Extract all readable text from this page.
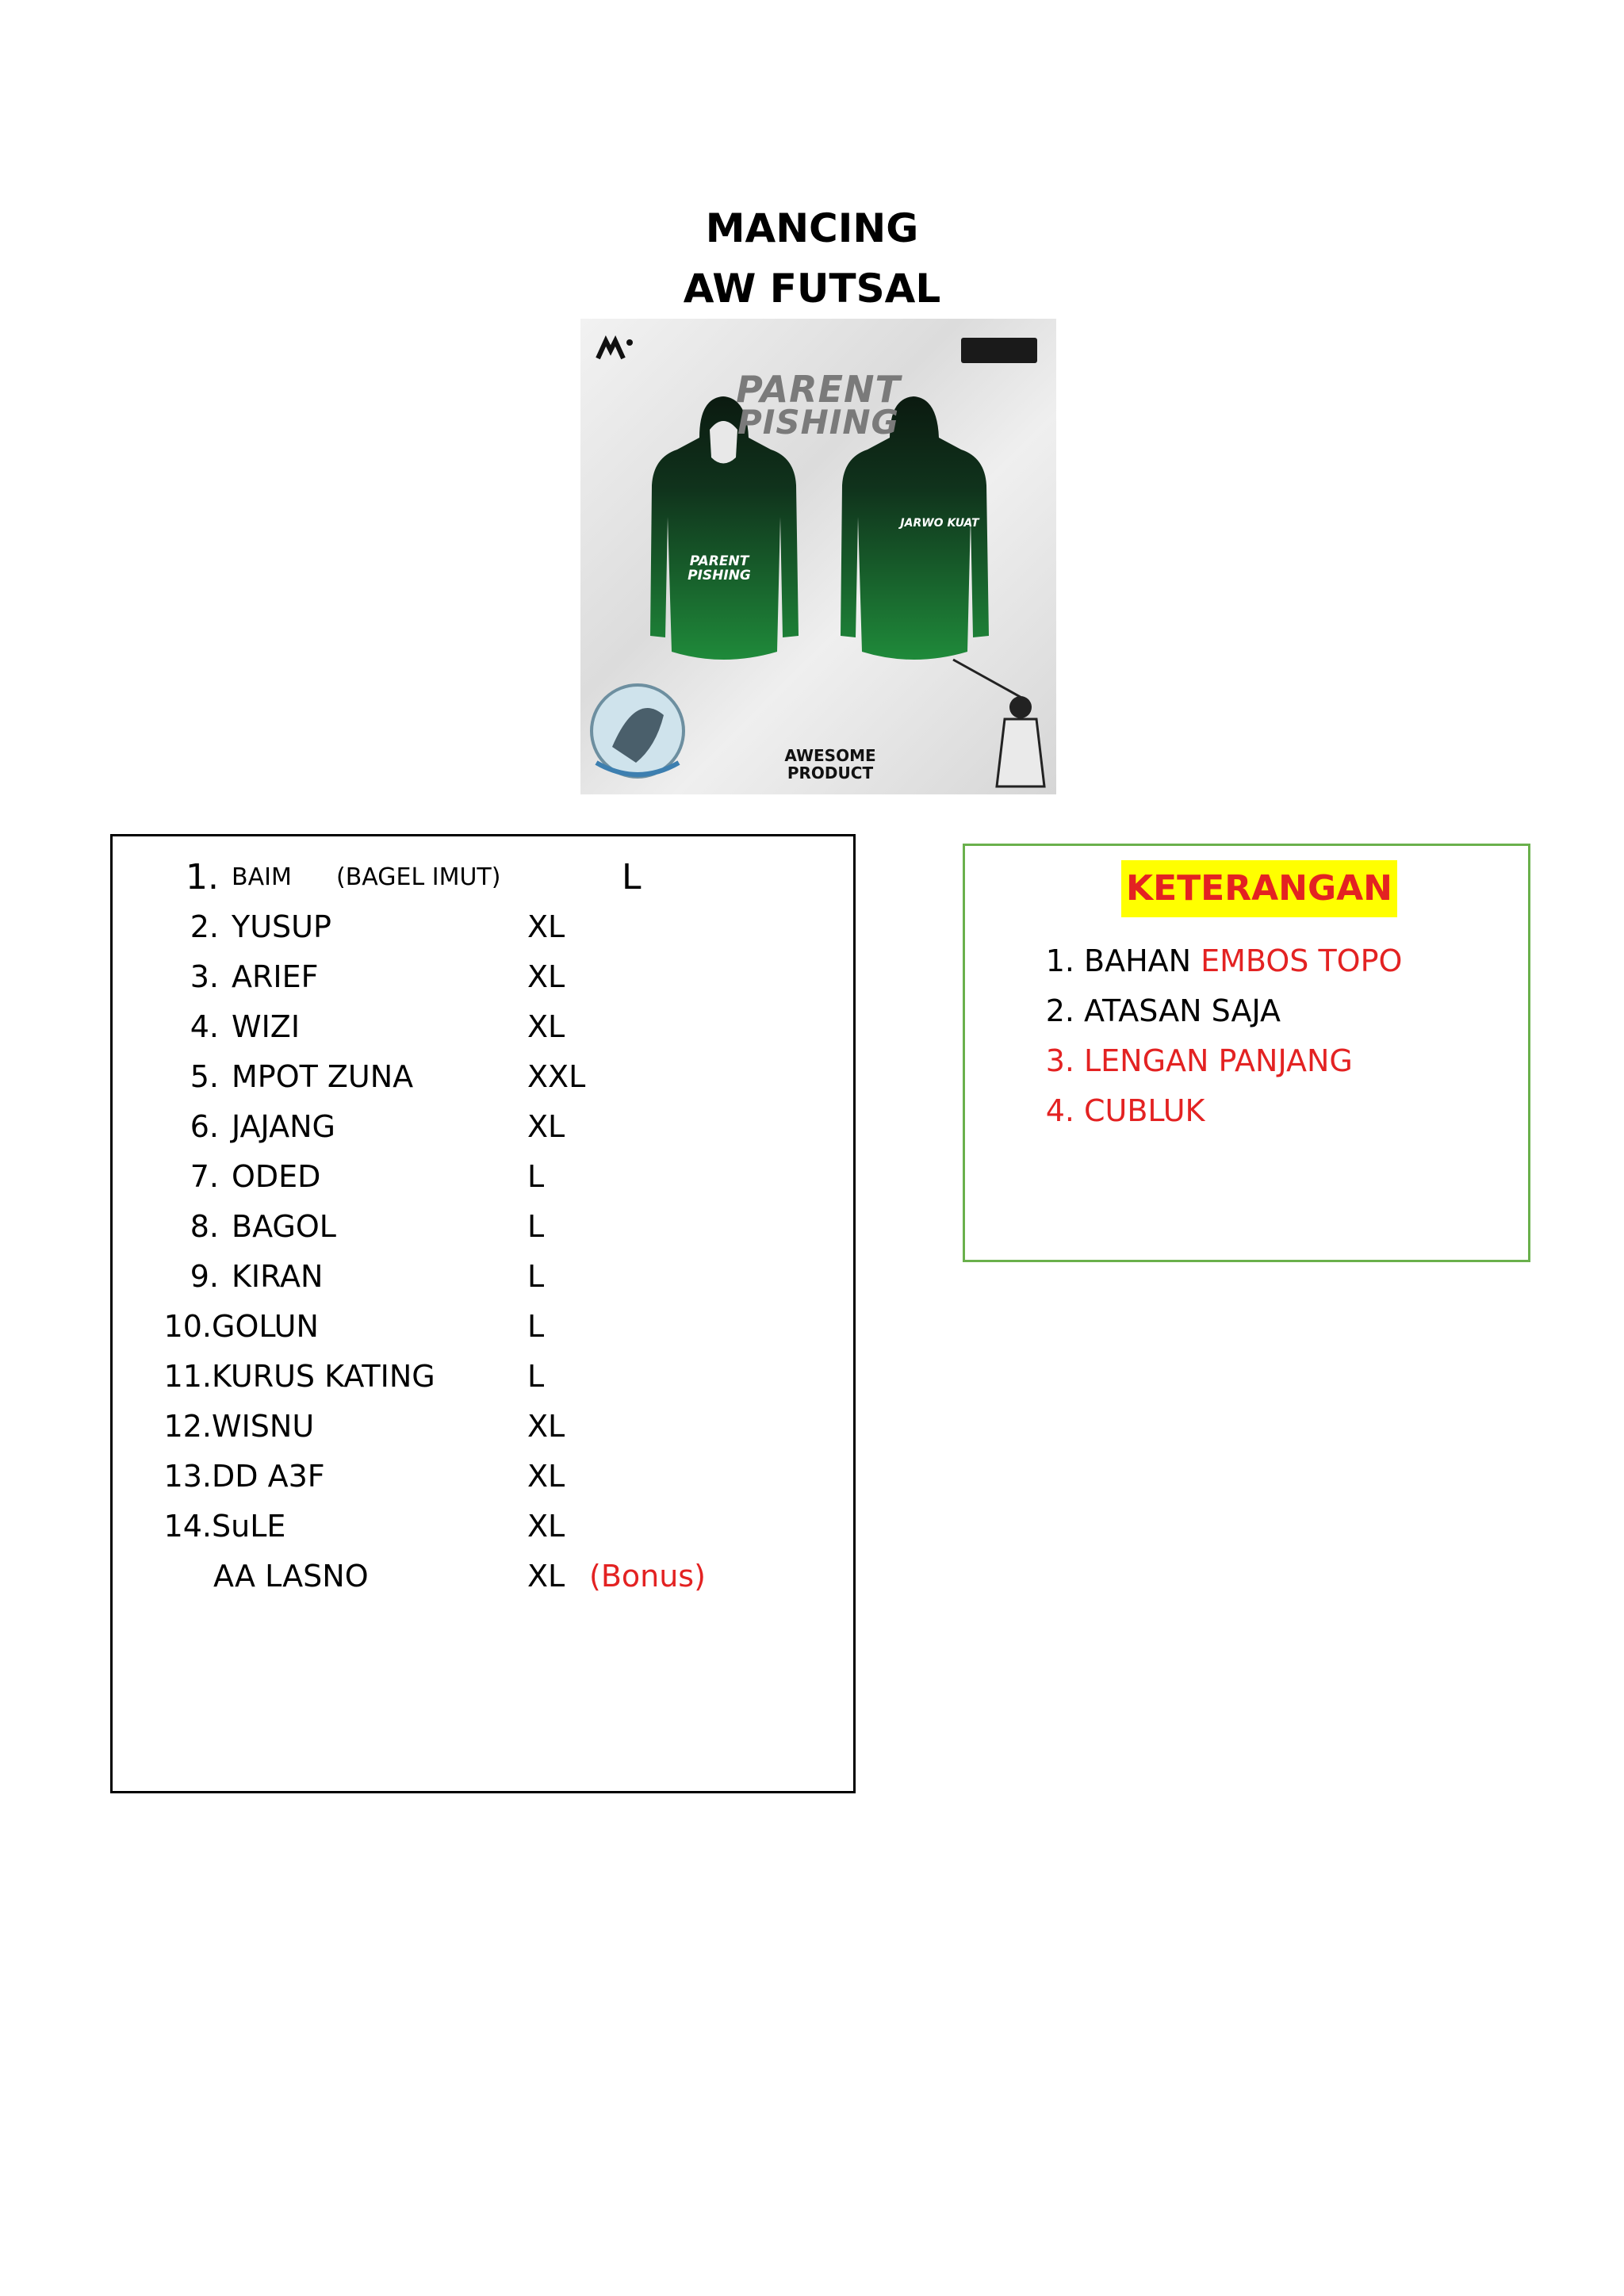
MANCING
AW FUTSAL
PARENT
PISHING
PARENT
PISHING
JARWO KUAT
AWESOME
PRODUCT
1. BAIM (BAGEL IMUT)	L
2. YUSUP	XL
3. ARIEF	XL
4. WIZI	XL
5. MPOT ZUNA	XXL
6. JAJANG	XL
7. ODED	L
8. BAGOL	L
9. KIRAN	L
10. GOLUN	L
11. KURUS KATING	L
12. WISNU	XL
13. DD A3F	XL
14. SuLE	XL
AA LASNO	XL (Bonus)
KETERANGAN
1. BAHAN EMBOS TOPO
2. ATASAN SAJA
3. LENGAN PANJANG
4. CUBLUK
